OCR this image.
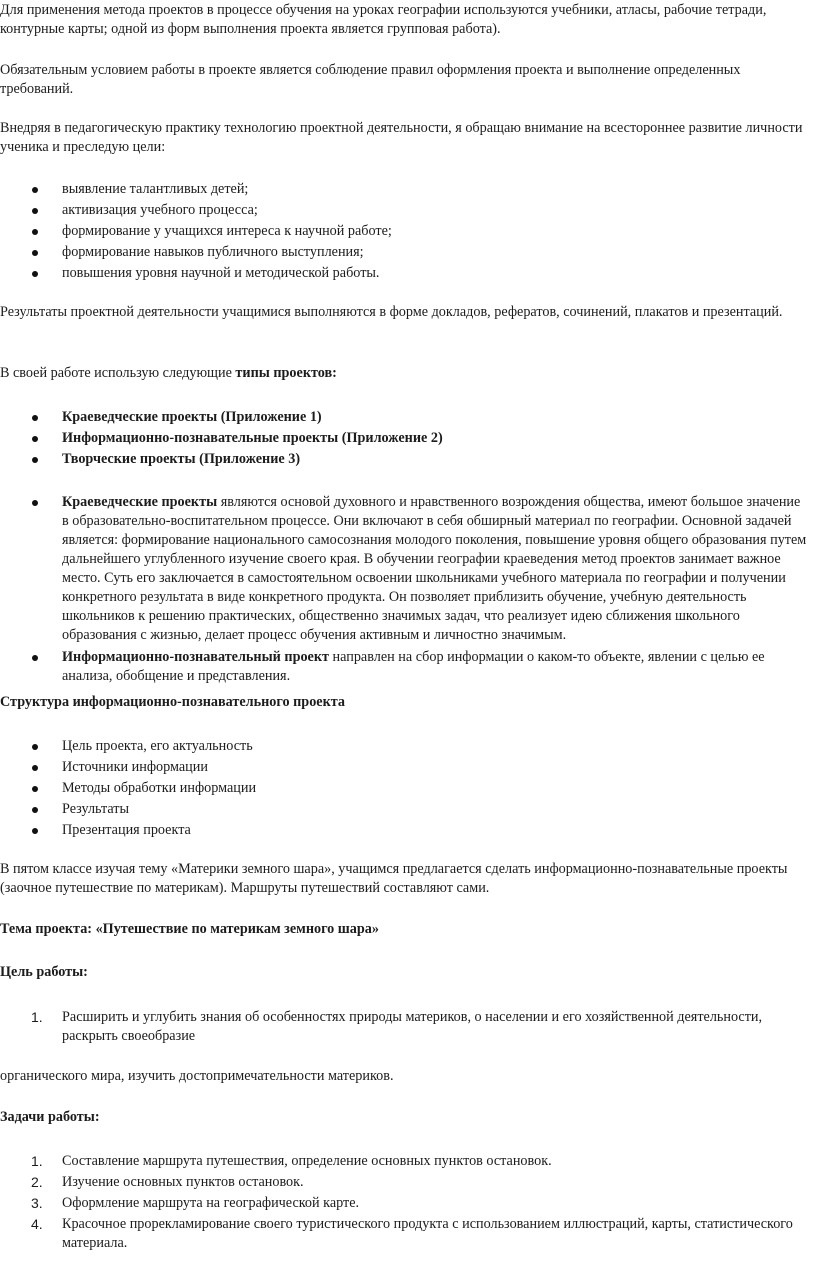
Для применения метода проектов в процессе обучения на уроках географии используются учебники, атласы, рабочие тетради, контурные карты; одной из форм выполнения проекта является групповая работа).

Обязательным условием работы в проекте является соблюдение правил оформления проекта и выполнение определенных требований.

Внедряя в педагогическую практику технологию проектной деятельности, я обращаю внимание на всестороннее развитие личности ученика и преследую цели:

выявление талантливых детей;
активизация учебного процесса;
формирование у учащихся интереса к научной работе;
формирование навыков публичного выступления;
повышения уровня научной и методической работы.

Результаты проектной деятельности учащимися выполняются в форме докладов, рефератов, сочинений, плакатов и презентаций.

В своей работе использую следующие типы проектов:

Краеведческие проекты (Приложение 1)
Информационно-познавательные проекты (Приложение 2)
Творческие проекты (Приложение 3)
Краеведческие проекты являются основой духовного и нравственного возрождения общества, имеют большое значение в образовательно-воспитательном процессе. Они включают в себя обширный материал по географии. Основной задачей является: формирование национального самосознания молодого поколения, повышение уровня общего образования путем дальнейшего углубленного изучение своего края. В обучении географии краеведения метод проектов занимает важное место. Суть его заключается в самостоятельном освоении школьниками учебного материала по географии и получении конкретного результата в виде конкретного продукта. Он позволяет приблизить обучение, учебную деятельность школьников к решению практических, общественно значимых задач, что реализует идею сближения школьного образования с жизнью, делает процесс обучения активным и личностно значимым.
Информационно-познавательный проект направлен на сбор информации о каком-то объекте, явлении с целью ее анализа, обобщение и представления.

Структура информационно-познавательного проекта

Цель проекта, его актуальность
Источники информации
Методы обработки информации
Результаты
Презентация проекта

В пятом классе изучая тему «Материки земного шара», учащимся предлагается сделать информационно-познавательные проекты (заочное путешествие по материкам). Маршруты путешествий составляют сами.

Тема проекта: «Путешествие по материкам земного шара»

Цель работы:

1. Расширить и углубить знания об особенностях природы материков, о населении и его хозяйственной деятельности, раскрыть своеобразие

органического мира, изучить достопримечательности материков.

Задачи работы:

1. Составление маршрута путешествия, определение основных пунктов остановок.
2. Изучение основных пунктов остановок.
3. Оформление маршрута на географической карте.
4. Красочное прорекламирование своего туристического продукта с использованием иллюстраций, карты, статистического материала.
